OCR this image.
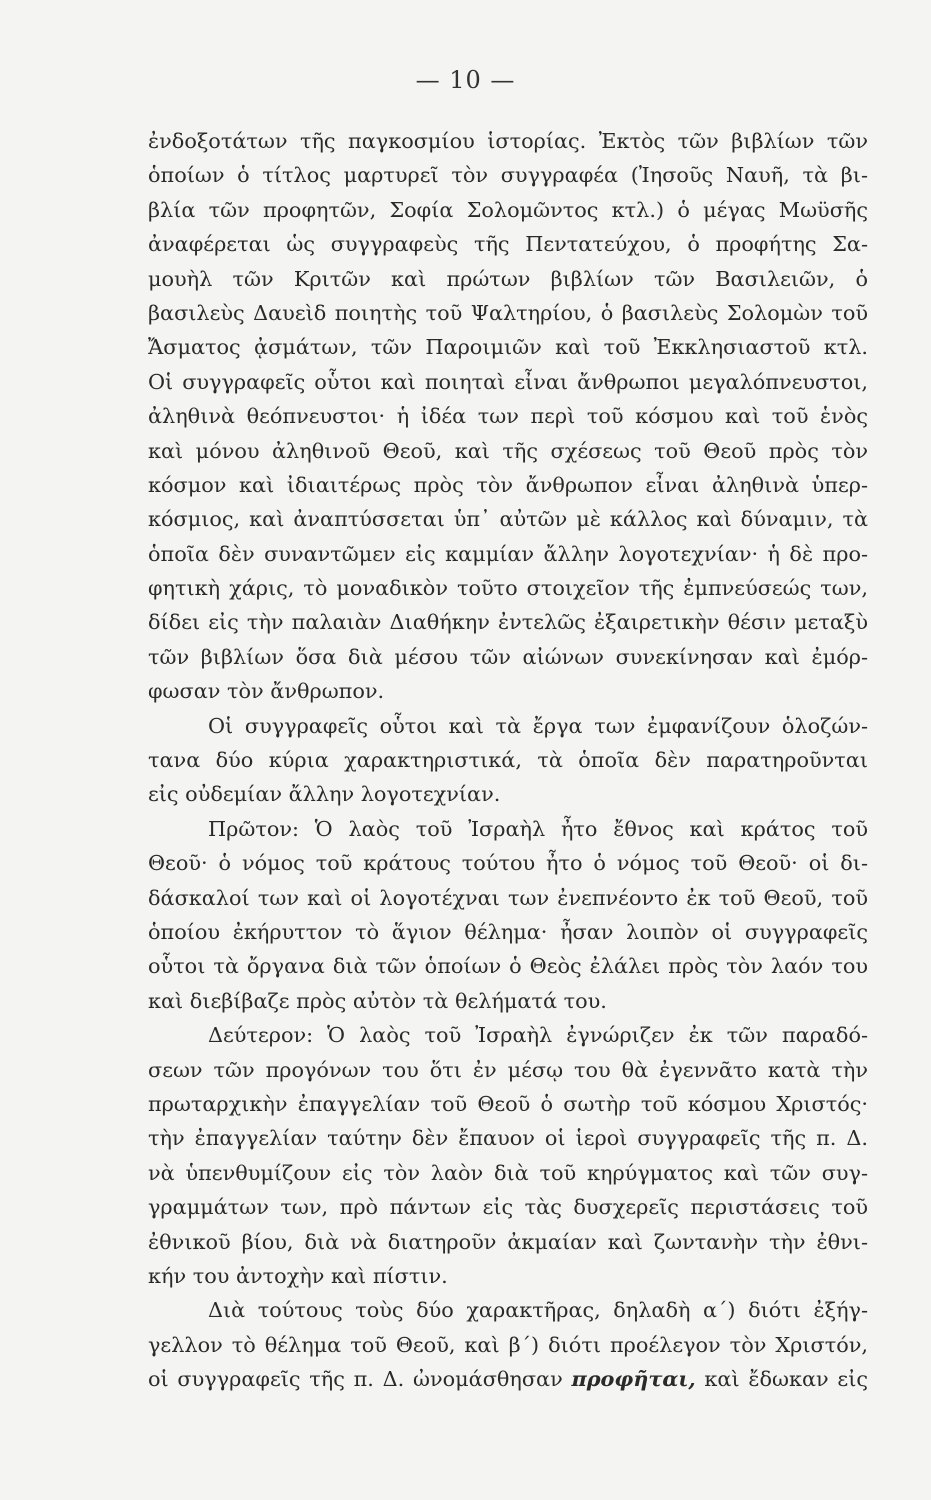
— 10 —
ἐνδοξοτάτων τῆς παγκοσμίου ἱστορίας. Ἐκτὸς τῶν βιβλίων τῶν
ὁποίων ὁ τίτλος μαρτυρεῖ τὸν συγγραφέα (Ἰησοῦς Ναυῆ, τὰ βι-
βλία τῶν προφητῶν, Σοφία Σολομῶντος κτλ.) ὁ μέγας Μωϋσῆς
ἀναφέρεται ὡς συγγραφεὺς τῆς Πεντατεύχου, ὁ προφήτης Σα-
μουὴλ τῶν Κριτῶν καὶ πρώτων βιβλίων τῶν Βασιλειῶν, ὁ
βασιλεὺς Δαυεὶδ ποιητὴς τοῦ Ψαλτηρίου, ὁ βασιλεὺς Σολομὼν τοῦ
Ἄσματος ᾀσμάτων, τῶν Παροιμιῶν καὶ τοῦ Ἐκκλησιαστοῦ κτλ.
Οἱ συγγραφεῖς οὗτοι καὶ ποιηταὶ εἶναι ἄνθρωποι μεγαλόπνευστοι,
ἀληθινὰ θεόπνευστοι· ἡ ἰδέα των περὶ τοῦ κόσμου καὶ τοῦ ἑνὸς
καὶ μόνου ἀληθινοῦ Θεοῦ, καὶ τῆς σχέσεως τοῦ Θεοῦ πρὸς τὸν
κόσμον καὶ ἰδιαιτέρως πρὸς τὸν ἄνθρωπον εἶναι ἀληθινὰ ὑπερ-
κόσμιος, καὶ ἀναπτύσσεται ὑπ᾽ αὐτῶν μὲ κάλλος καὶ δύναμιν, τὰ
ὁποῖα δὲν συναντῶμεν εἰς καμμίαν ἄλλην λογοτεχνίαν· ἡ δὲ προ-
φητικὴ χάρις, τὸ μοναδικὸν τοῦτο στοιχεῖον τῆς ἐμπνεύσεώς των,
δίδει εἰς τὴν παλαιὰν Διαθήκην ἐντελῶς ἐξαιρετικὴν θέσιν μεταξὺ
τῶν βιβλίων ὅσα διὰ μέσου τῶν αἰώνων συνεκίνησαν καὶ ἐμόρ-
φωσαν τὸν ἄνθρωπον.
Οἱ συγγραφεῖς οὗτοι καὶ τὰ ἔργα των ἐμφανίζουν ὁλοζών-
τανα δύο κύρια χαρακτηριστικά, τὰ ὁποῖα δὲν παρατηροῦνται
εἰς οὐδεμίαν ἄλλην λογοτεχνίαν.
Πρῶτον: Ὁ λαὸς τοῦ Ἰσραὴλ ἦτο ἔθνος καὶ κράτος τοῦ
Θεοῦ· ὁ νόμος τοῦ κράτους τούτου ἦτο ὁ νόμος τοῦ Θεοῦ· οἱ δι-
δάσκαλοί των καὶ οἱ λογοτέχναι των ἐνεπνέοντο ἐκ τοῦ Θεοῦ, τοῦ
ὁποίου ἐκήρυττον τὸ ἅγιον θέλημα· ἦσαν λοιπὸν οἱ συγγραφεῖς
οὗτοι τὰ ὄργανα διὰ τῶν ὁποίων ὁ Θεὸς ἐλάλει πρὸς τὸν λαόν του
καὶ διεβίβαζε πρὸς αὐτὸν τὰ θελήματά του.
Δεύτερον: Ὁ λαὸς τοῦ Ἰσραὴλ ἐγνώριζεν ἐκ τῶν παραδό-
σεων τῶν προγόνων του ὅτι ἐν μέσῳ του θὰ ἐγεννᾶτο κατὰ τὴν
πρωταρχικὴν ἐπαγγελίαν τοῦ Θεοῦ ὁ σωτὴρ τοῦ κόσμου Χριστός·
τὴν ἐπαγγελίαν ταύτην δὲν ἔπαυον οἱ ἱεροὶ συγγραφεῖς τῆς π. Δ.
νὰ ὑπενθυμίζουν εἰς τὸν λαὸν διὰ τοῦ κηρύγματος καὶ τῶν συγ-
γραμμάτων των, πρὸ πάντων εἰς τὰς δυσχερεῖς περιστάσεις τοῦ
ἐθνικοῦ βίου, διὰ νὰ διατηροῦν ἀκμαίαν καὶ ζωντανὴν τὴν ἐθνι-
κήν του ἀντοχὴν καὶ πίστιν.
Διὰ τούτους τοὺς δύο χαρακτῆρας, δηλαδὴ α΄) διότι ἐξήγ-
γελλον τὸ θέλημα τοῦ Θεοῦ, καὶ β΄) διότι προέλεγον τὸν Χριστόν,
οἱ συγγραφεῖς τῆς π. Δ. ὠνομάσθησαν προφῆται, καὶ ἔδωκαν εἰς
